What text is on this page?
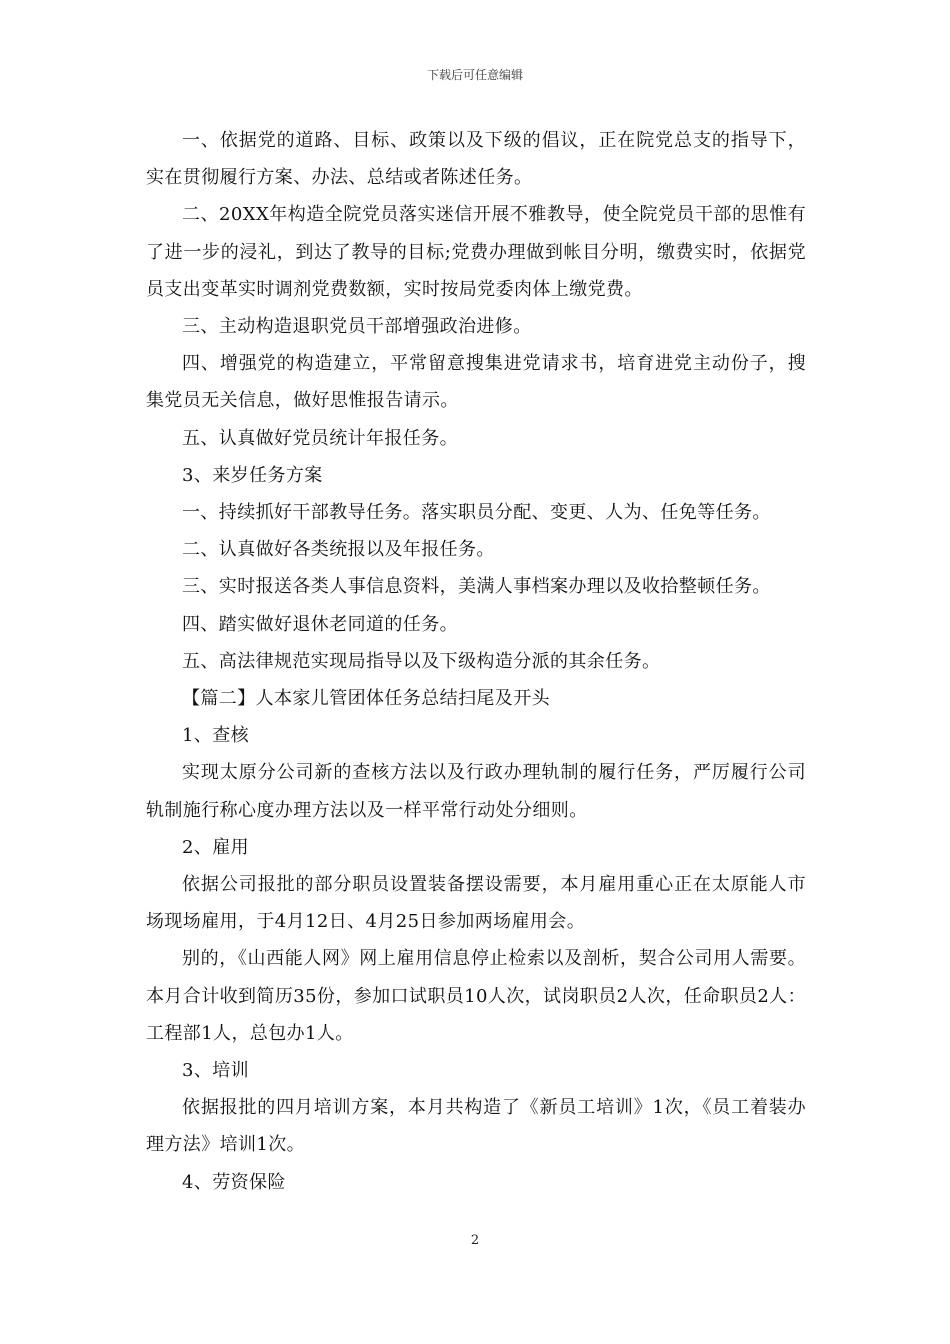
下载后可任意编辑

一、依据党的道路、目标、政策以及下级的倡议，正在院党总支的指导下，实在贯彻履行方案、办法、总结或者陈述任务。

二、20XX年构造全院党员落实迷信开展不雅教导，使全院党员干部的思惟有了进一步的浸礼，到达了教导的目标;党费办理做到帐目分明，缴费实时，依据党员支出变革实时调剂党费数额，实时按局党委肉体上缴党费。

三、主动构造退职党员干部增强政治进修。

四、增强党的构造建立，平常留意搜集进党请求书，培育进党主动份子，搜集党员无关信息，做好思惟报告请示。

五、认真做好党员统计年报任务。

3、来岁任务方案

一、持续抓好干部教导任务。落实职员分配、变更、人为、任免等任务。

二、认真做好各类统报以及年报任务。

三、实时报送各类人事信息资料，美满人事档案办理以及收拾整顿任务。

四、踏实做好退休老同道的任务。

五、高法律规范实现局指导以及下级构造分派的其余任务。

【篇二】人本家儿管团体任务总结扫尾及开头

1、查核

实现太原分公司新的查核方法以及行政办理轨制的履行任务，严厉履行公司轨制施行称心度办理方法以及一样平常行动处分细则。

2、雇用

依据公司报批的部分职员设置装备摆设需要，本月雇用重心正在太原能人市场现场雇用，于4月12日、4月25日参加两场雇用会。

别的，《山西能人网》网上雇用信息停止检索以及剖析，契合公司用人需要。本月合计收到简历35份，参加口试职员10人次，试岗职员2人次，任命职员2人：工程部1人，总包办1人。

3、培训

依据报批的四月培训方案，本月共构造了《新员工培训》1次，《员工着装办理方法》培训1次。

4、劳资保险

2
